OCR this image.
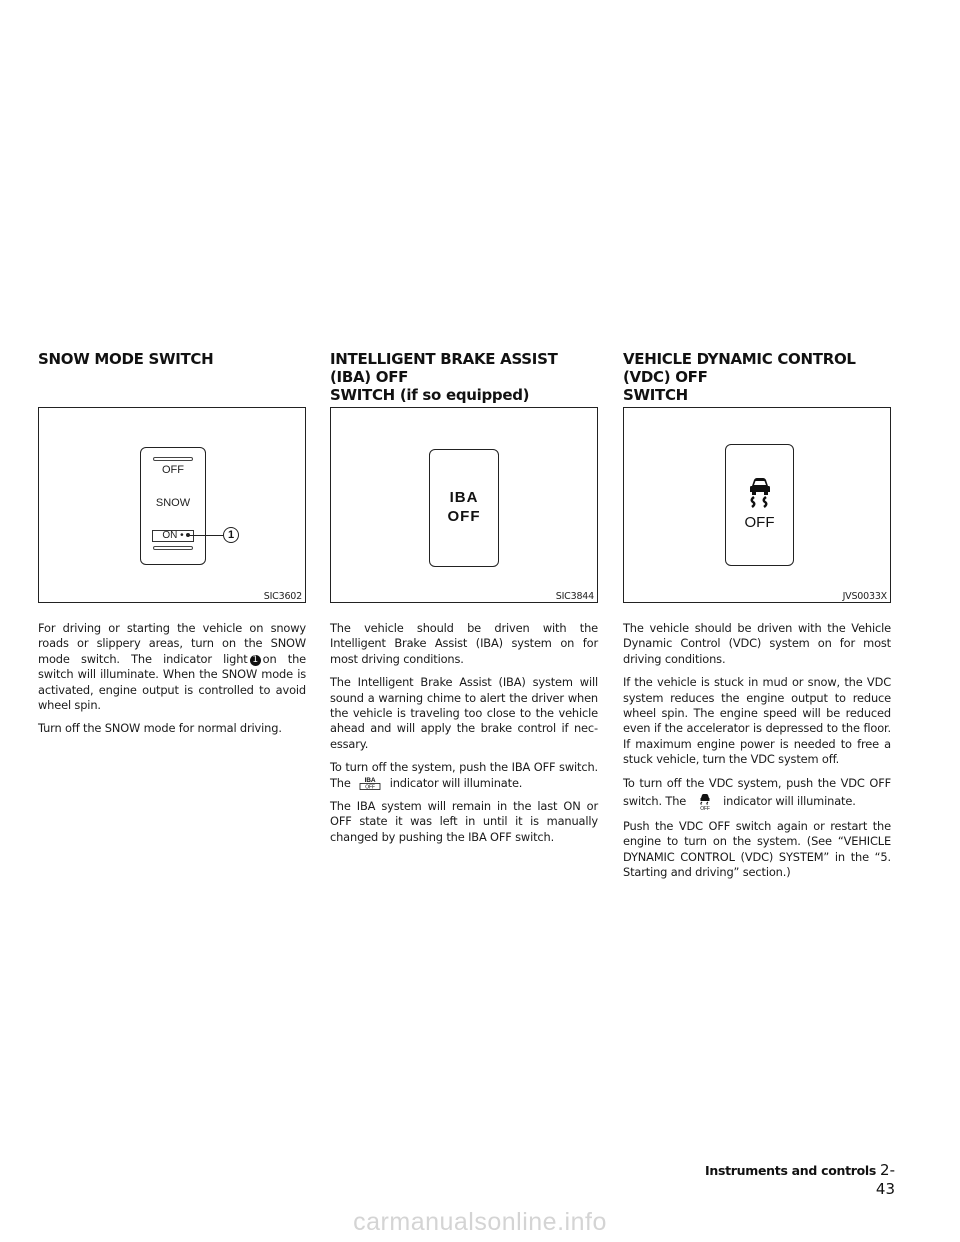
SNOW MODE SWITCH
OFF
SNOW
ON •	1
SIC3602

For driving or starting the vehicle on snowy roads or slippery areas, turn on the SNOW mode switch. The indicator light 1 on the switch will illuminate. When the SNOW mode is activated, engine output is controlled to avoid wheel spin.

Turn off the SNOW mode for normal driving.

INTELLIGENT BRAKE ASSIST (IBA) OFF
SWITCH (if so equipped)
IBA
OFF
SIC3844

The vehicle should be driven with the Intelligent Brake Assist (IBA) system on for most driving conditions.

The Intelligent Brake Assist (IBA) system will sound a warning chime to alert the driver when the vehicle is traveling too close to the vehicle ahead and will apply the brake control if nec-essary.

To turn off the system, push the IBA OFF switch. The IBA
OFF indicator will illuminate.

The IBA system will remain in the last ON or OFF state it was left in until it is manually changed by pushing the IBA OFF switch.

VEHICLE DYNAMIC CONTROL (VDC) OFF
SWITCH
OFF
JVS0033X

The vehicle should be driven with the Vehicle Dynamic Control (VDC) system on for most driving conditions.

If the vehicle is stuck in mud or snow, the VDC system reduces the engine output to reduce wheel spin. The engine speed will be reduced even if the accelerator is depressed to the floor. If maximum engine power is needed to free a stuck vehicle, turn the VDC system off.

To turn off the VDC system, push the VDC OFF switch. The
OFF
indicator will illuminate.

Push the VDC OFF switch again or restart the engine to turn on the system. (See “VEHICLE DYNAMIC CONTROL (VDC) SYSTEM” in the “5. Starting and driving” section.)

Instruments and controls 2-43
carmanualsonline.info
